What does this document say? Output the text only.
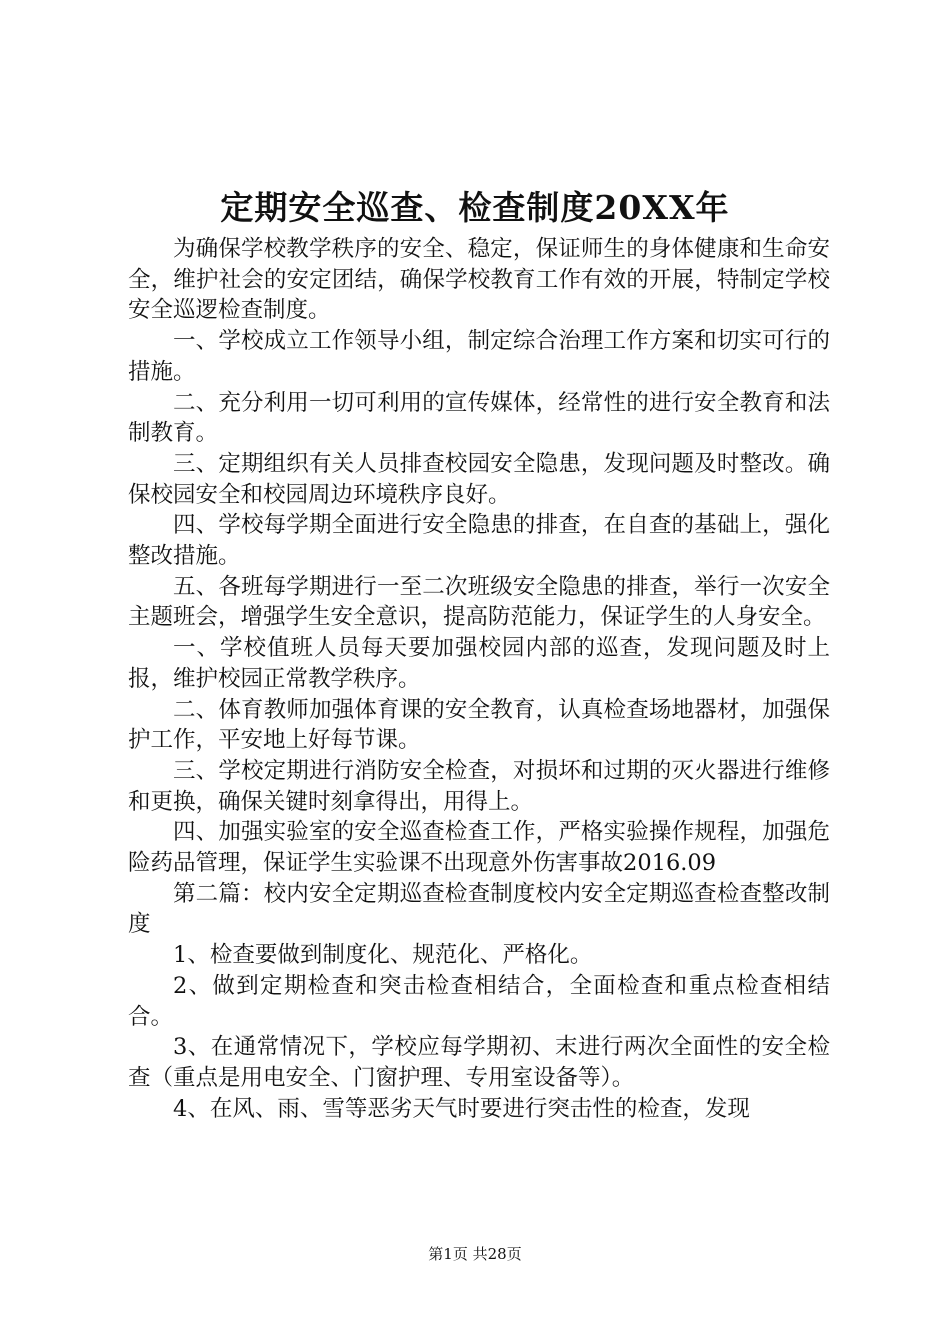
定期安全巡查、检查制度20XX年

为确保学校教学秩序的安全、稳定，保证师生的身体健康和生命安全，维护社会的安定团结，确保学校教育工作有效的开展，特制定学校安全巡逻检查制度。

一、学校成立工作领导小组，制定综合治理工作方案和切实可行的措施。

二、充分利用一切可利用的宣传媒体，经常性的进行安全教育和法制教育。

三、定期组织有关人员排查校园安全隐患，发现问题及时整改。确保校园安全和校园周边环境秩序良好。

四、学校每学期全面进行安全隐患的排查，在自查的基础上，强化整改措施。

五、各班每学期进行一至二次班级安全隐患的排查，举行一次安全主题班会，增强学生安全意识，提高防范能力，保证学生的人身安全。

一、学校值班人员每天要加强校园内部的巡查，发现问题及时上报，维护校园正常教学秩序。

二、体育教师加强体育课的安全教育，认真检查场地器材，加强保护工作，平安地上好每节课。

三、学校定期进行消防安全检查，对损坏和过期的灭火器进行维修和更换，确保关键时刻拿得出，用得上。

四、加强实验室的安全巡查检查工作，严格实验操作规程，加强危险药品管理，保证学生实验课不出现意外伤害事故2016.09

第二篇：校内安全定期巡查检查制度校内安全定期巡查检查整改制度

1、检查要做到制度化、规范化、严格化。

2、做到定期检查和突击检查相结合，全面检查和重点检查相结合。

3、在通常情况下，学校应每学期初、末进行两次全面性的安全检查（重点是用电安全、门窗护理、专用室设备等）。

4、在风、雨、雪等恶劣天气时要进行突击性的检查，发现

第1页 共28页
